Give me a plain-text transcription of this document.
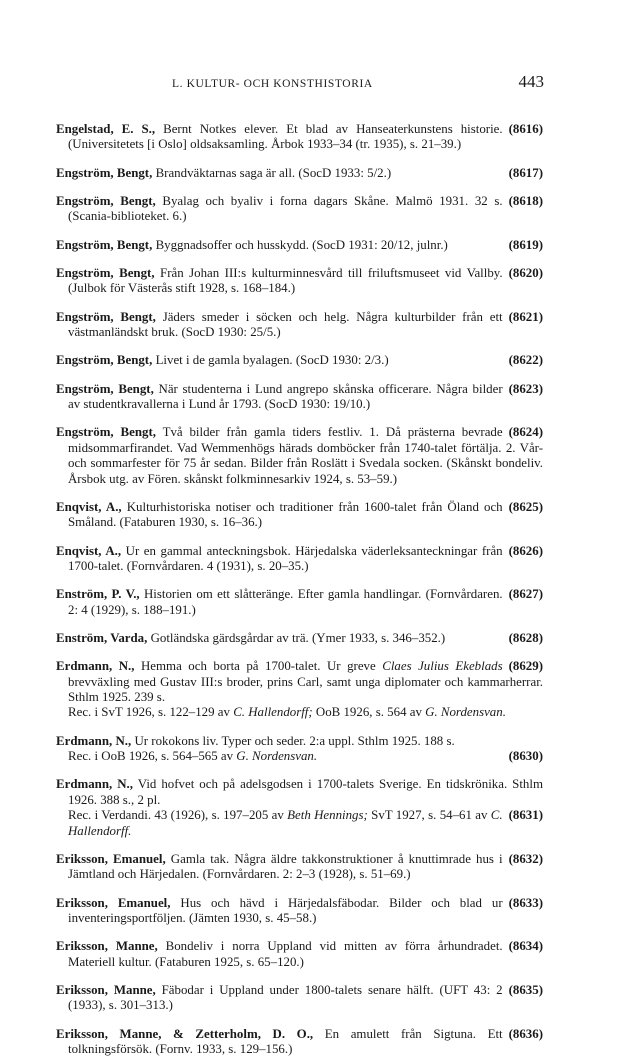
L. KULTUR- OCH KONSTHISTORIA	443

(8616)
Engelstad, E. S., Bernt Notkes elever. Et blad av Hanseaterkunstens historie. (Universitetets [i Oslo] oldsaksamling. Årbok 1933–34 (tr. 1935), s. 21–39.)

(8617)
Engström, Bengt, Brandväktarnas saga är all. (SocD 1933: 5/2.)

(8618)
Engström, Bengt, Byalag och byaliv i forna dagars Skåne. Malmö 1931. 32 s. (Scania-biblioteket. 6.)

(8619)
Engström, Bengt, Byggnadsoffer och husskydd. (SocD 1931: 20/12, julnr.)

(8620)
Engström, Bengt, Från Johan III:s kulturminnesvård till friluftsmuseet vid Vallby. (Julbok för Västerås stift 1928, s. 168–184.)

(8621)
Engström, Bengt, Jäders smeder i söcken och helg. Några kulturbilder från ett västmanländskt bruk. (SocD 1930: 25/5.)

(8622)
Engström, Bengt, Livet i de gamla byalagen. (SocD 1930: 2/3.)

(8623)
Engström, Bengt, När studenterna i Lund angrepo skånska officerare. Några bilder av studentkravallerna i Lund år 1793. (SocD 1930: 19/10.)

(8624)
Engström, Bengt, Två bilder från gamla tiders festliv. 1. Då prästerna bevrade midsommarfirandet. Vad Wemmenhögs härads domböcker från 1740-talet förtälja. 2. Vår- och sommarfester för 75 år sedan. Bilder från Roslätt i Svedala socken. (Skånskt bondeliv. Årsbok utg. av Fören. skånskt folkminnesarkiv 1924, s. 53–59.)

(8625)
Enqvist, A., Kulturhistoriska notiser och traditioner från 1600-talet från Öland och Småland. (Fataburen 1930, s. 16–36.)

(8626)
Enqvist, A., Ur en gammal anteckningsbok. Härjedalska väderleksanteckningar från 1700-talet. (Fornvårdaren. 4 (1931), s. 20–35.)

(8627)
Enström, P. V., Historien om ett slåtteränge. Efter gamla handlingar. (Fornvårdaren. 2: 4 (1929), s. 188–191.)

(8628)
Enström, Varda, Gotländska gärdsgårdar av trä. (Ymer 1933, s. 346–352.)

(8629)
Erdmann, N., Hemma och borta på 1700-talet. Ur greve Claes Julius Ekeblads brevväxling med Gustav III:s broder, prins Carl, samt unga diplomater och kammarherrar. Sthlm 1925. 239 s.
Rec. i SvT 1926, s. 122–129 av C. Hallendorff; OoB 1926, s. 564 av G. Nordensvan.

Erdmann, N., Ur rokokons liv. Typer och seder. 2:a uppl. Sthlm 1925. 188 s.
(8630)
Rec. i OoB 1926, s. 564–565 av G. Nordensvan.

Erdmann, N., Vid hofvet och på adelsgodsen i 1700-talets Sverige. En tidskrönika. Sthlm 1926. 388 s., 2 pl.
(8631)
Rec. i Verdandi. 43 (1926), s. 197–205 av Beth Hennings; SvT 1927, s. 54–61 av C. Hallendorff.

(8632)
Eriksson, Emanuel, Gamla tak. Några äldre takkonstruktioner å knuttimrade hus i Jämtland och Härjedalen. (Fornvårdaren. 2: 2–3 (1928), s. 51–69.)

(8633)
Eriksson, Emanuel, Hus och hävd i Härjedalsfäbodar. Bilder och blad ur inventeringsportföljen. (Jämten 1930, s. 45–58.)

(8634)
Eriksson, Manne, Bondeliv i norra Uppland vid mitten av förra århundradet. Materiell kultur. (Fataburen 1925, s. 65–120.)

(8635)
Eriksson, Manne, Fäbodar i Uppland under 1800-talets senare hälft. (UFT 43: 2 (1933), s. 301–313.)

(8636)
Eriksson, Manne, & Zetterholm, D. O., En amulett från Sigtuna. Ett tolkningsförsök. (Fornv. 1933, s. 129–156.)
